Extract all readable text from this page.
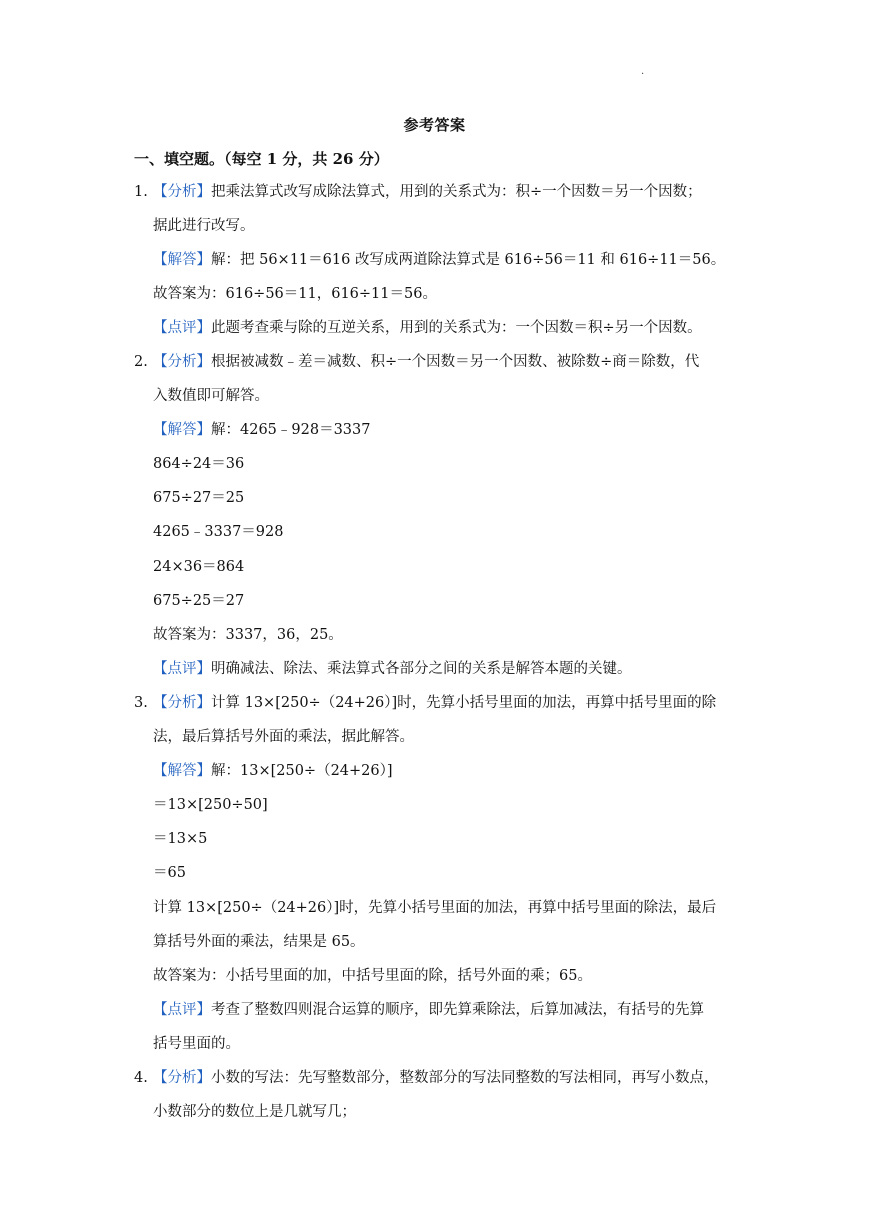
.
参考答案
一、填空题。（每空 1 分，共 26 分）
1. 【分析】把乘法算式改写成除法算式，用到的关系式为：积÷一个因数＝另一个因数；
据此进行改写。
【解答】解：把 56×11＝616 改写成两道除法算式是 616÷56＝11 和 616÷11＝56。
故答案为：616÷56＝11，616÷11＝56。
【点评】此题考查乘与除的互逆关系，用到的关系式为：一个因数＝积÷另一个因数。
2. 【分析】根据被减数﹣差＝减数、积÷一个因数＝另一个因数、被除数÷商＝除数，代
入数值即可解答。
【解答】解：4265﹣928＝3337
864÷24＝36
675÷27＝25
4265﹣3337＝928
24×36＝864
675÷25＝27
故答案为：3337，36，25。
【点评】明确减法、除法、乘法算式各部分之间的关系是解答本题的关键。
3. 【分析】计算 13×[250÷（24+26）]时，先算小括号里面的加法，再算中括号里面的除
法，最后算括号外面的乘法，据此解答。
【解答】解：13×[250÷（24+26）]
＝13×[250÷50]
＝13×5
＝65
计算 13×[250÷（24+26）]时，先算小括号里面的加法，再算中括号里面的除法，最后
算括号外面的乘法，结果是 65。
故答案为：小括号里面的加，中括号里面的除，括号外面的乘；65。
【点评】考查了整数四则混合运算的顺序，即先算乘除法，后算加减法，有括号的先算
括号里面的。
4. 【分析】小数的写法：先写整数部分，整数部分的写法同整数的写法相同，再写小数点，
小数部分的数位上是几就写几；
